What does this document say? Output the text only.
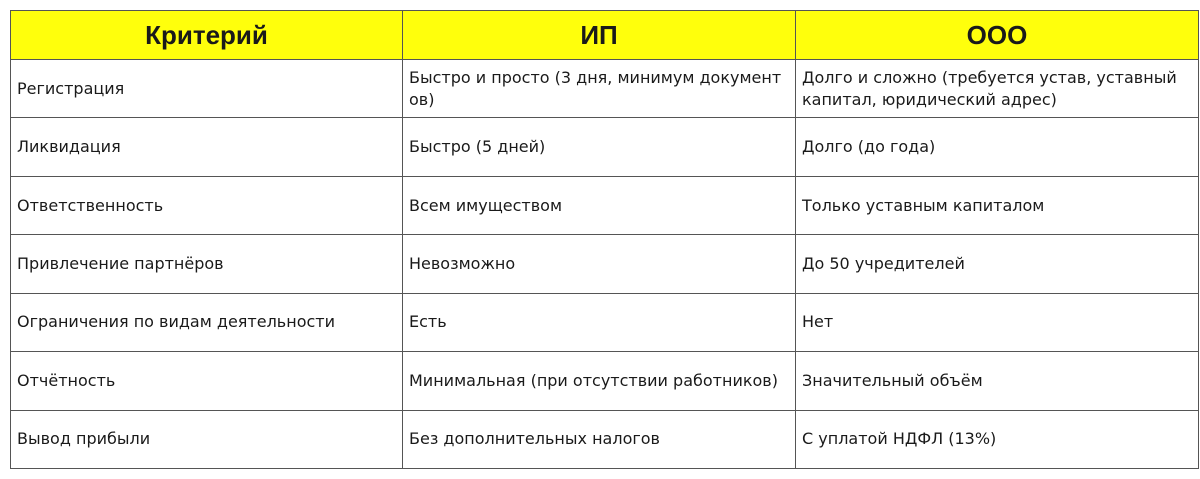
Критерий	ИП	ООО
Регистрация	Быстро и просто (3 дня, минимум документ ов)	Долго и сложно (требуется устав, уставный капитал, юридический адрес)
Ликвидация	Быстро (5 дней)	Долго (до года)
Ответственность	Всем имуществом	Только уставным капиталом
Привлечение партнёров	Невозможно	До 50 учредителей
Ограничения по видам деятельности	Есть	Нет
Отчётность	Минимальная (при отсутствии работников)	Значительный объём
Вывод прибыли	Без дополнительных налогов	С уплатой НДФЛ (13%)
